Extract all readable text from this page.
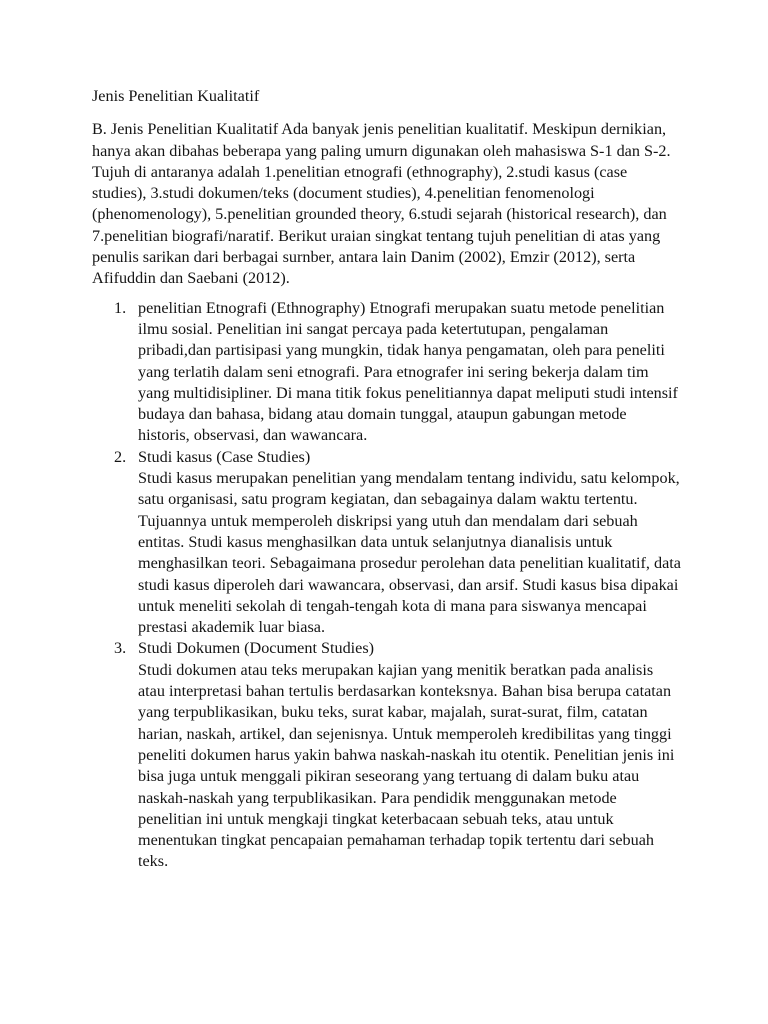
Jenis Penelitian Kualitatif

B. Jenis Penelitian Kualitatif Ada banyak jenis penelitian kualitatif. Meskipun dernikian, hanya akan dibahas beberapa yang paling umurn digunakan oleh mahasiswa S-1 dan S-2. Tujuh di antaranya adalah 1.penelitian etnografi (ethnography), 2.studi kasus (case studies), 3.studi dokumen/teks (document studies), 4.penelitian fenomenologi (phenomenology), 5.penelitian grounded theory, 6.studi sejarah (historical research), dan 7.penelitian biografi/naratif. Berikut uraian singkat tentang tujuh penelitian di atas yang penulis sarikan dari berbagai surnber, antara lain Danim (2002), Emzir (2012), serta Afifuddin dan Saebani (2012).

1. penelitian Etnografi (Ethnography) Etnografi merupakan suatu metode penelitian ilmu sosial. Penelitian ini sangat percaya pada ketertutupan, pengalaman pribadi,dan partisipasi yang mungkin, tidak hanya pengamatan, oleh para peneliti yang terlatih dalam seni etnografi. Para etnografer ini sering bekerja dalam tim yang multidisipliner. Di mana titik fokus penelitiannya dapat meliputi studi intensif budaya dan bahasa, bidang atau domain tunggal, ataupun gabungan metode historis, observasi, dan wawancara.
2. Studi kasus (Case Studies)
Studi kasus merupakan penelitian yang mendalam tentang individu, satu kelompok, satu organisasi, satu program kegiatan, dan sebagainya dalam waktu tertentu. Tujuannya untuk memperoleh diskripsi yang utuh dan mendalam dari sebuah entitas. Studi kasus menghasilkan data untuk selanjutnya dianalisis untuk menghasilkan teori. Sebagaimana prosedur perolehan data penelitian kualitatif, data studi kasus diperoleh dari wawancara, observasi, dan arsif. Studi kasus bisa dipakai untuk meneliti sekolah di tengah-tengah kota di mana para siswanya mencapai prestasi akademik luar biasa.
3. Studi Dokumen (Document Studies)
Studi dokumen atau teks merupakan kajian yang menitik beratkan pada analisis atau interpretasi bahan tertulis berdasarkan konteksnya. Bahan bisa berupa catatan yang terpublikasikan, buku teks, surat kabar, majalah, surat-surat, film, catatan harian, naskah, artikel, dan sejenisnya. Untuk memperoleh kredibilitas yang tinggi peneliti dokumen harus yakin bahwa naskah-naskah itu otentik. Penelitian jenis ini bisa juga untuk menggali pikiran seseorang yang tertuang di dalam buku atau naskah-naskah yang terpublikasikan. Para pendidik menggunakan metode penelitian ini untuk mengkaji tingkat keterbacaan sebuah teks, atau untuk menentukan tingkat pencapaian pemahaman terhadap topik tertentu dari sebuah teks.
